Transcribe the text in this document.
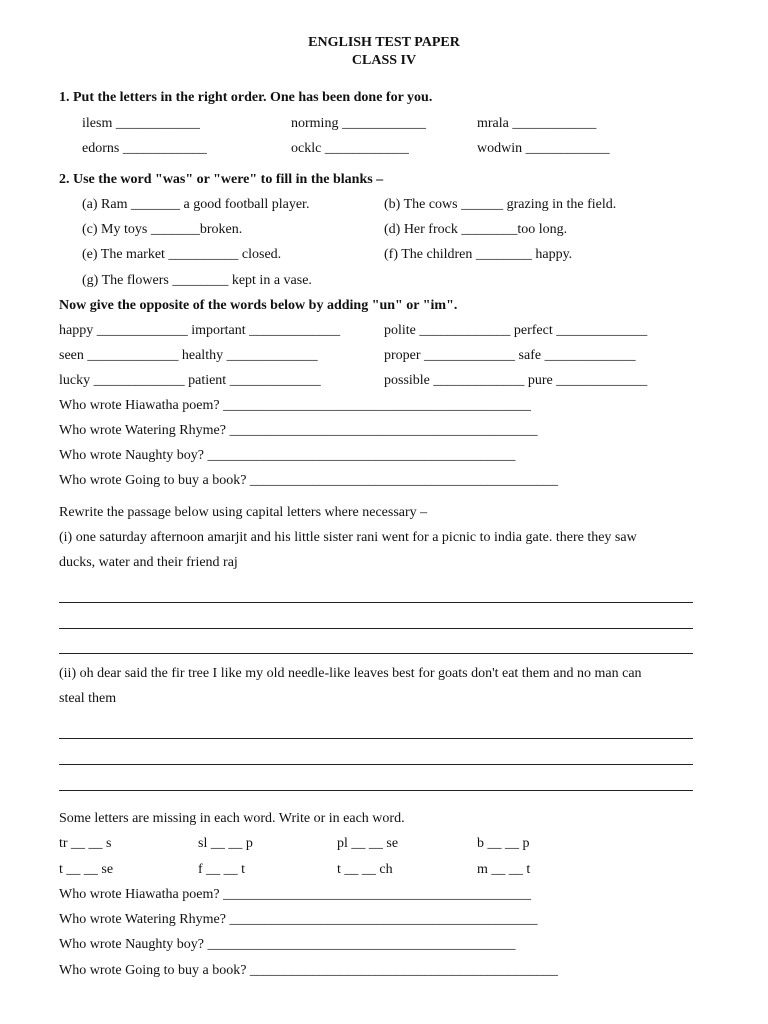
ENGLISH TEST PAPER
CLASS IV
1. Put the letters in the right order. One has been done for you.
ilesm ____________	norming ____________	mrala ____________
edorns ____________	ocklc ____________	wodwin ____________
2. Use the word "was" or "were" to fill in the blanks –
(a) Ram _______ a good football player.	(b) The cows ______ grazing in the field.
(c) My toys _______broken.	(d) Her frock ________too long.
(e) The market __________ closed.	(f) The children ________ happy.
(g) The flowers ________ kept in a vase.
Now give the opposite of the words below by adding "un" or "im".
happy _____________ important _____________	polite _____________ perfect _____________
seen _____________ healthy _____________	proper _____________ safe _____________
lucky _____________ patient _____________	possible _____________ pure _____________
Who wrote Hiawatha poem? ____________________________________________
Who wrote Watering Rhyme? ____________________________________________
Who wrote Naughty boy? ____________________________________________
Who wrote Going to buy a book? ____________________________________________
Rewrite the passage below using capital letters where necessary –
(i) one saturday afternoon amarjit and his little sister rani went for a picnic to india gate. there they saw
ducks, water and their friend raj
(ii) oh dear said the fir tree I like my old needle-like leaves best for goats don't eat them and no man can
steal them
Some letters are missing in each word. Write or in each word.
tr __ __ s	sl __ __ p	pl __ __ se	b __ __ p
t __ __ se	f __ __ t	t __ __ ch	m __ __ t
Who wrote Hiawatha poem? ____________________________________________
Who wrote Watering Rhyme? ____________________________________________
Who wrote Naughty boy? ____________________________________________
Who wrote Going to buy a book? ____________________________________________
